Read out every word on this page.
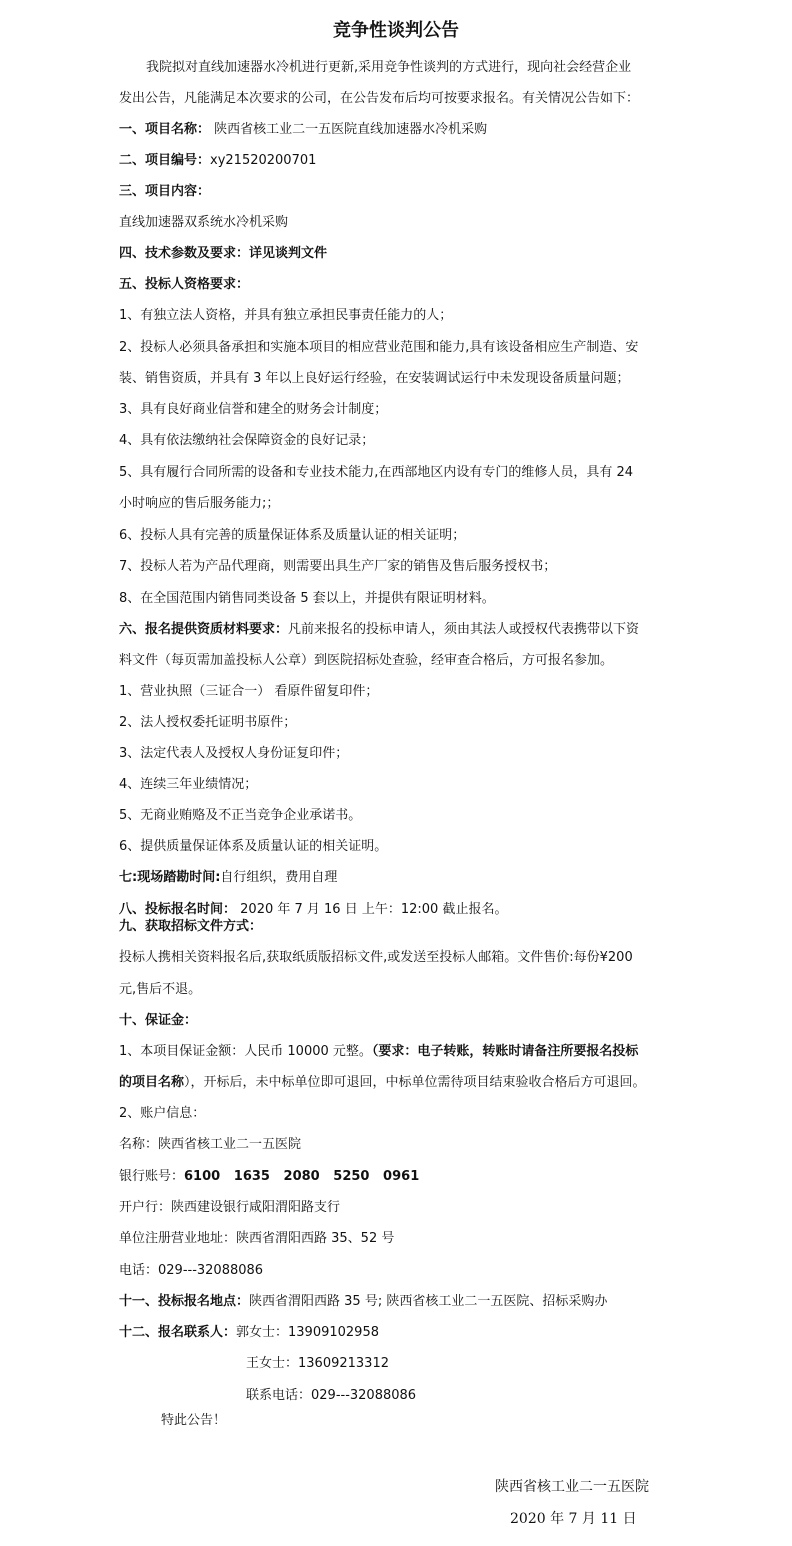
竞争性谈判公告
我院拟对直线加速器水冷机进行更新,采用竞争性谈判的方式进行，现向社会经营企业
发出公告，凡能满足本次要求的公司，在公告发布后均可按要求报名。有关情况公告如下：
一、项目名称： 陕西省核工业二一五医院直线加速器水冷机采购
二、项目编号：xy21520200701
三、项目内容：
直线加速器双系统水冷机采购
四、技术参数及要求：详见谈判文件
五、投标人资格要求：
1、有独立法人资格，并具有独立承担民事责任能力的人；
2、投标人必须具备承担和实施本项目的相应营业范围和能力,具有该设备相应生产制造、安
装、销售资质，并具有 3 年以上良好运行经验，在安装调试运行中未发现设备质量问题；
3、具有良好商业信誉和建全的财务会计制度；
4、具有依法缴纳社会保障资金的良好记录；
5、具有履行合同所需的设备和专业技术能力,在西部地区内设有专门的维修人员，具有 24
小时响应的售后服务能力;；
6、投标人具有完善的质量保证体系及质量认证的相关证明；
7、投标人若为产品代理商，则需要出具生产厂家的销售及售后服务授权书；
8、在全国范围内销售同类设备 5 套以上，并提供有限证明材料。
六、报名提供资质材料要求：凡前来报名的投标申请人，须由其法人或授权代表携带以下资
料文件（每页需加盖投标人公章）到医院招标处查验，经审查合格后，方可报名参加。
1、营业执照（三证合一） 看原件留复印件；
2、法人授权委托证明书原件；
3、法定代表人及授权人身份证复印件；
4、连续三年业绩情况；
5、无商业贿赂及不正当竞争企业承诺书。
6、提供质量保证体系及质量认证的相关证明。
七:现场踏勘时间:自行组织，费用自理
八、投标报名时间： 2020 年 7 月 16 日 上午：12:00 截止报名。
九、获取招标文件方式：
投标人携相关资料报名后,获取纸质版招标文件,或发送至投标人邮箱。文件售价:每份¥200
元,售后不退。
十、保证金：
1、本项目保证金额：人民币 10000 元整。（要求：电子转账，转账时请备注所要报名投标
的项目名称），开标后，未中标单位即可退回，中标单位需待项目结束验收合格后方可退回。
2、账户信息：
名称：陕西省核工业二一五医院
银行账号：6100   1635   2080   5250   0961
开户行：陕西建设银行咸阳渭阳路支行
单位注册营业地址：陕西省渭阳西路 35、52 号
电话：029---32088086
十一、投标报名地点：陕西省渭阳西路 35 号; 陕西省核工业二一五医院、招标采购办
十二、报名联系人：郭女士：13909102958
王女士：13609213312
联系电话：029---32088086
特此公告！
陕西省核工业二一五医院
2020 年 7 月 11 日
